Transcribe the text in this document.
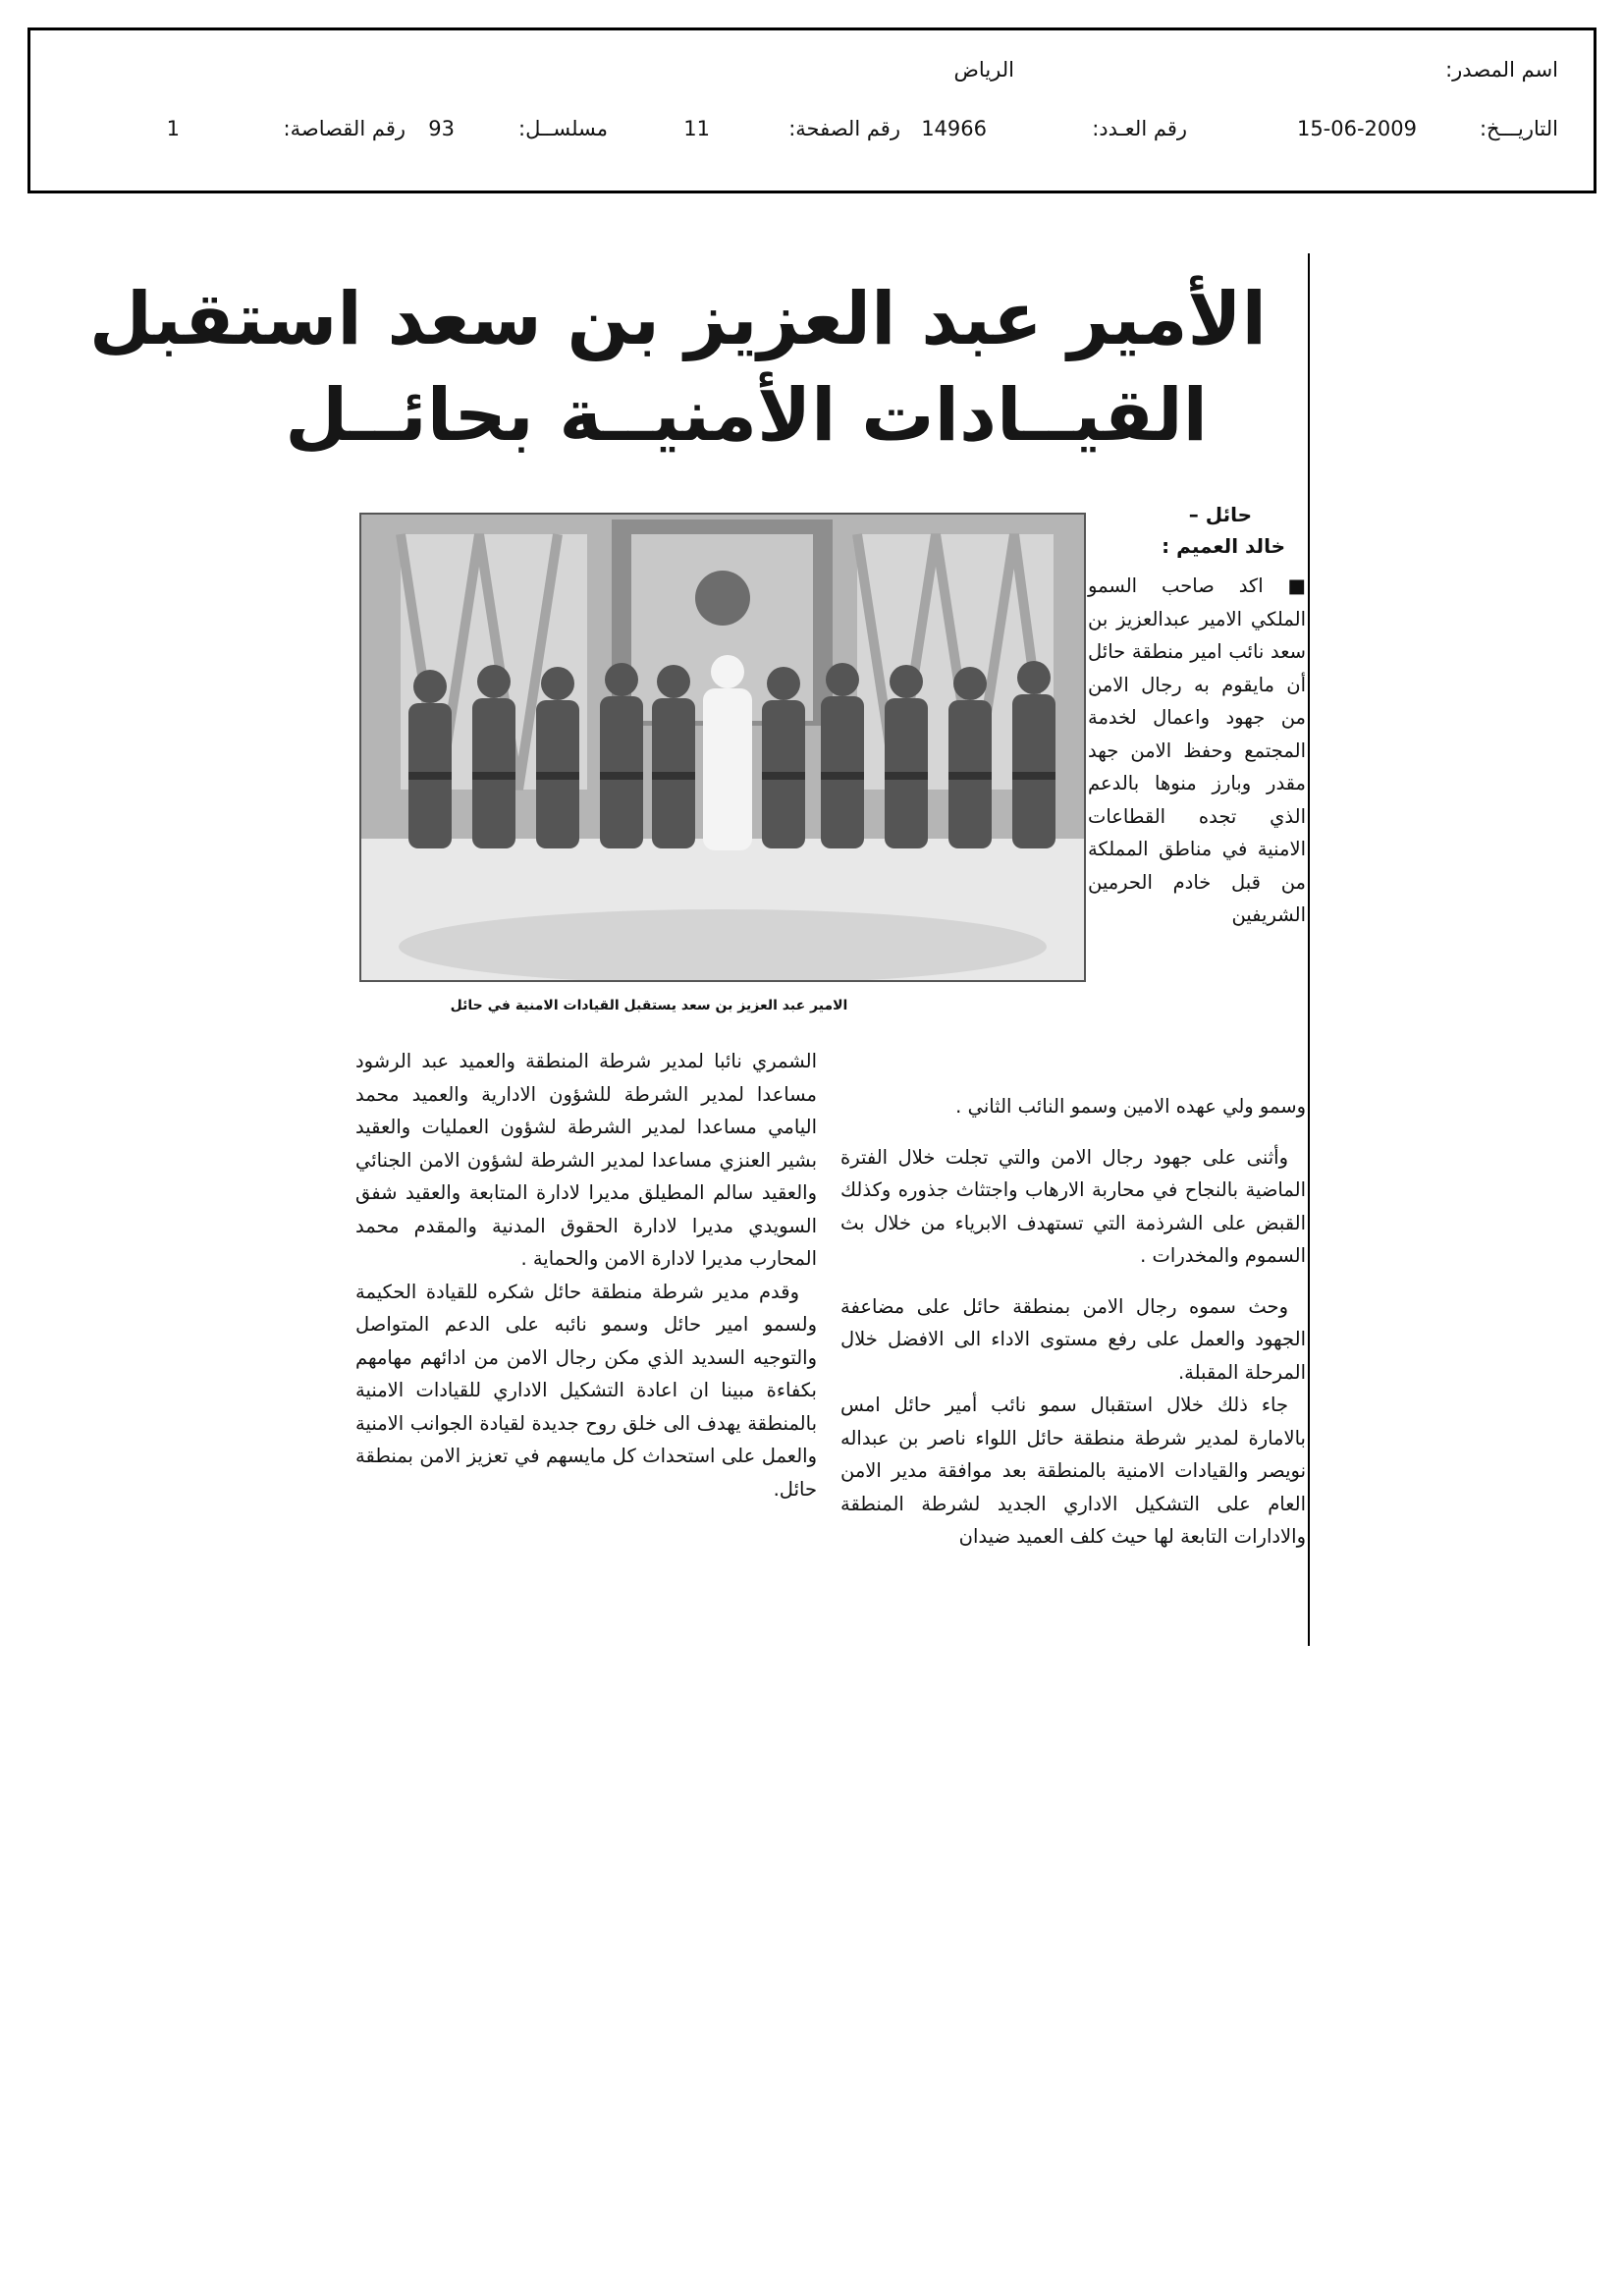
اسم المصدر:
الرياض
التاريـــخ:
15-06-2009
رقم العـدد:
14966
رقم الصفحة:
11
مسلســل:
93
رقم القصاصة:
1
الأمير عبد العزيز بن سعد استقبل
القيــادات الأمنيــة بحائــل
حائل –
خالد العميم :
الامير عبد العزيز بن سعد يستقبل القيادات الامنية في حائل

■ اكد صاحب السمو الملكي الامير عبدالعزيز بن سعد نائب امير منطقة حائل أن مايقوم به رجال الامن من جهود واعمال لخدمة المجتمع وحفظ الامن جهد مقدر وبارز منوها بالدعم الذي تجده القطاعات الامنية في مناطق المملكة من قبل خادم الحرمين الشريفين

وسمو ولي عهده الامين وسمو النائب الثاني .

وأثنى على جهود رجال الامن والتي تجلت خلال الفترة الماضية بالنجاح في محاربة الارهاب واجتثاث جذوره وكذلك القبض على الشرذمة التي تستهدف الابرياء من خلال بث السموم والمخدرات .

وحث سموه رجال الامن بمنطقة حائل على مضاعفة الجهود والعمل على رفع مستوى الاداء الى الافضل خلال المرحلة المقبلة.

جاء ذلك خلال استقبال سمو نائب أمير حائل امس بالامارة لمدير شرطة منطقة حائل اللواء ناصر بن عبداله نويصر والقيادات الامنية بالمنطقة بعد موافقة مدير الامن العام على التشكيل الاداري الجديد لشرطة المنطقة والادارات التابعة لها حيث كلف العميد ضيدان

الشمري نائبا لمدير شرطة المنطقة والعميد عبد الرشود مساعدا لمدير الشرطة للشؤون الادارية والعميد محمد اليامي مساعدا لمدير الشرطة لشؤون العمليات والعقيد بشير العنزي مساعدا لمدير الشرطة لشؤون الامن الجنائي والعقيد سالم المطيلق مديرا لادارة المتابعة والعقيد شفق السويدي مديرا لادارة الحقوق المدنية والمقدم محمد المحارب مديرا لادارة الامن والحماية .

وقدم مدير شرطة منطقة حائل شكره للقيادة الحكيمة ولسمو امير حائل وسمو نائبه على الدعم المتواصل والتوجيه السديد الذي مكن رجال الامن من ادائهم مهامهم بكفاءة مبينا ان اعادة التشكيل الاداري للقيادات الامنية بالمنطقة يهدف الى خلق روح جديدة لقيادة الجوانب الامنية والعمل على استحداث كل مايسهم في تعزيز الامن بمنطقة حائل.
